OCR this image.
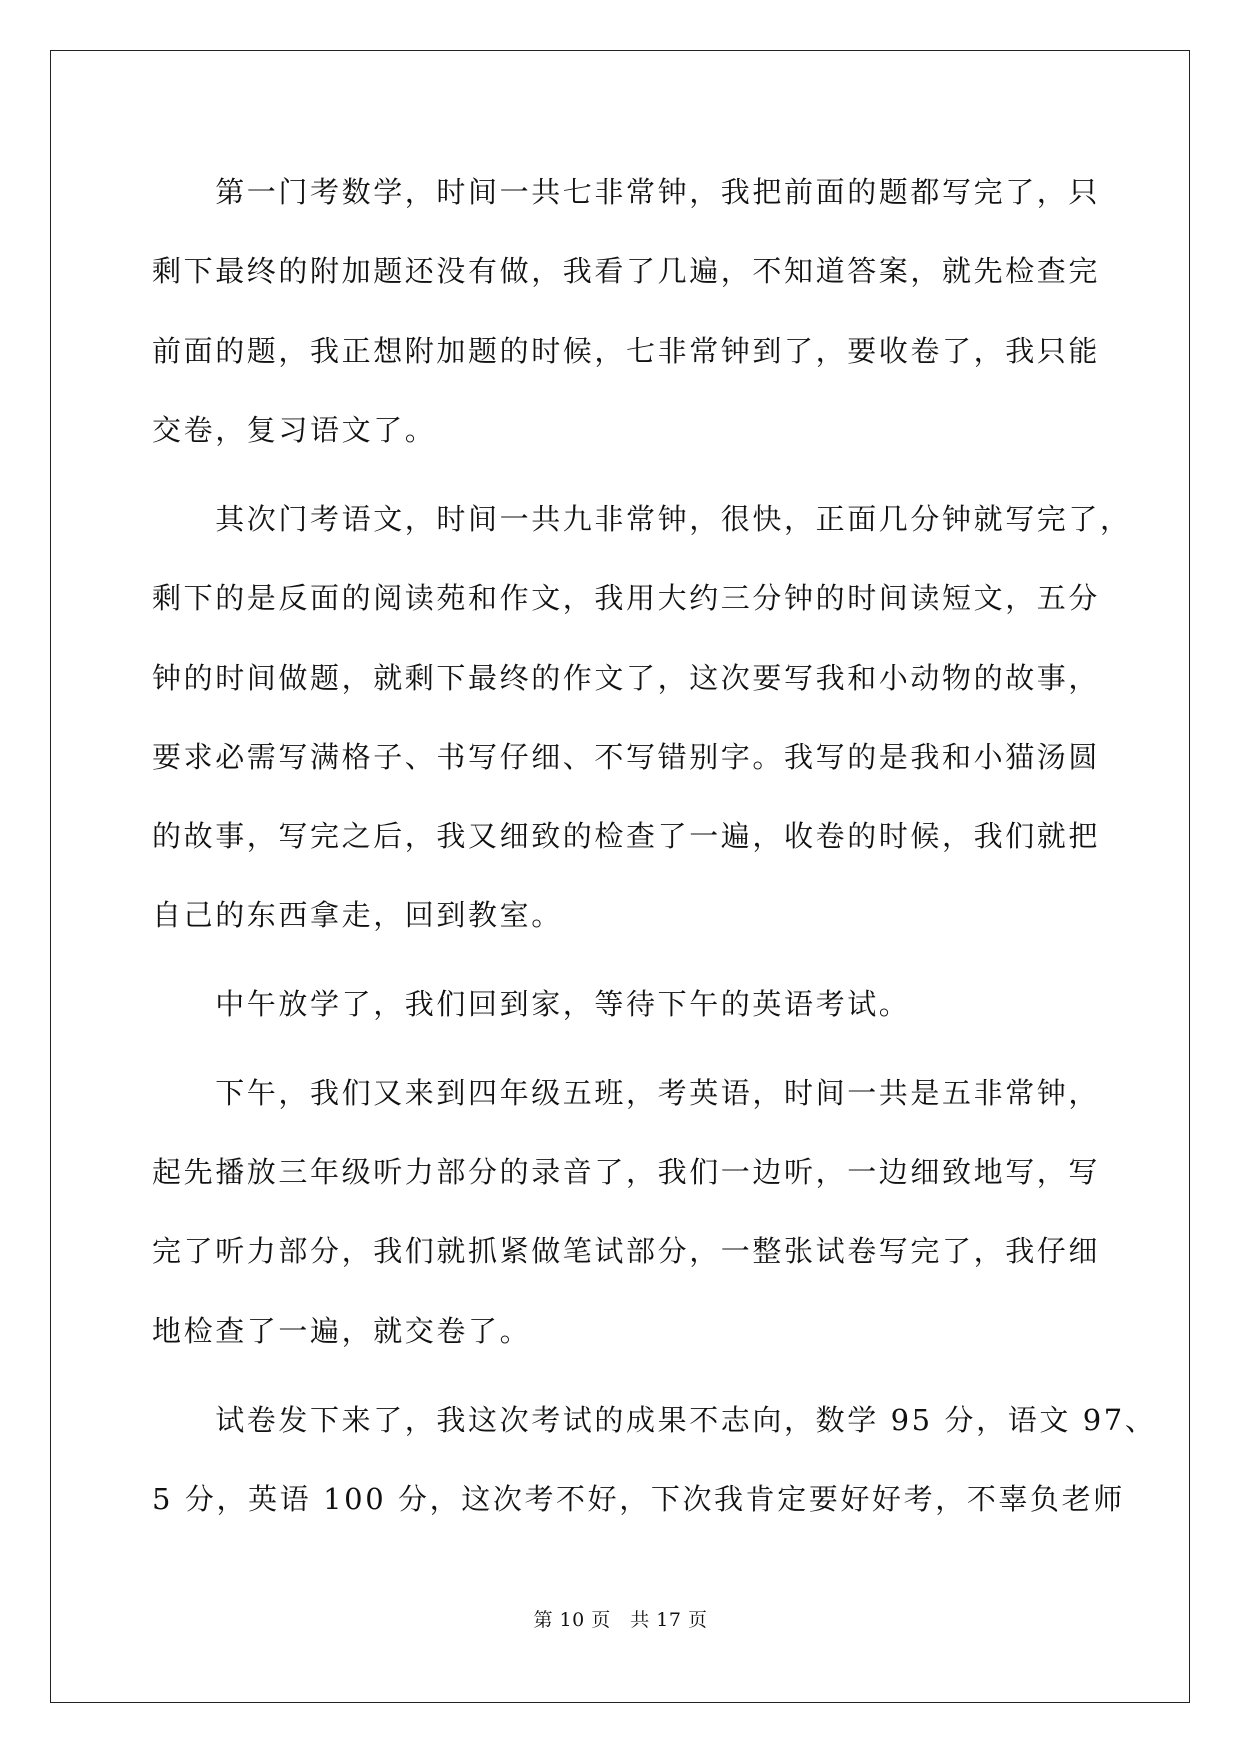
　　第一门考数学，时间一共七非常钟，我把前面的题都写完了，只
剩下最终的附加题还没有做，我看了几遍，不知道答案，就先检查完
前面的题，我正想附加题的时候，七非常钟到了，要收卷了，我只能
交卷，复习语文了。
　　其次门考语文，时间一共九非常钟，很快，正面几分钟就写完了，
剩下的是反面的阅读苑和作文，我用大约三分钟的时间读短文，五分
钟的时间做题，就剩下最终的作文了，这次要写我和小动物的故事，
要求必需写满格子、书写仔细、不写错别字。我写的是我和小猫汤圆
的故事，写完之后，我又细致的检查了一遍，收卷的时候，我们就把
自己的东西拿走，回到教室。
　　中午放学了，我们回到家，等待下午的英语考试。
　　下午，我们又来到四年级五班，考英语，时间一共是五非常钟，
起先播放三年级听力部分的录音了，我们一边听，一边细致地写，写
完了听力部分，我们就抓紧做笔试部分，一整张试卷写完了，我仔细
地检查了一遍，就交卷了。
　　试卷发下来了，我这次考试的成果不志向，数学 95 分，语文 97、
5 分，英语 100 分，这次考不好，下次我肯定要好好考，不辜负老师
第 10 页　共 17 页
